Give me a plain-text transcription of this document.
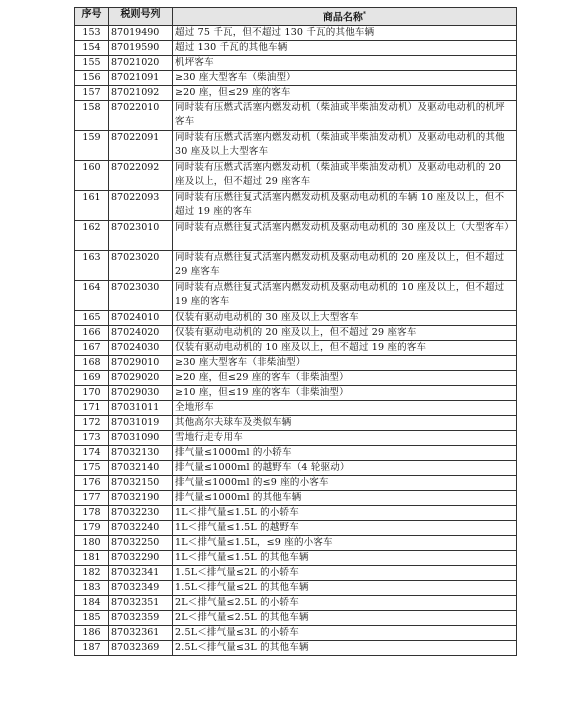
序号	税则号列	商品名称*
153	87019490	超过 75 千瓦，但不超过 130 千瓦的其他车辆
154	87019590	超过 130 千瓦的其他车辆
155	87021020	机坪客车
156	87021091	≥30 座大型客车（柴油型）
157	87021092	≥20 座，但≤29 座的客车
158	87022010	同时装有压燃式活塞内燃发动机（柴油或半柴油发动机）及驱动电动机的机坪客车
159	87022091	同时装有压燃式活塞内燃发动机（柴油或半柴油发动机）及驱动电动机的其他 30 座及以上大型客车
160	87022092	同时装有压燃式活塞内燃发动机（柴油或半柴油发动机）及驱动电动机的 20 座及以上，但不超过 29 座客车
161	87022093	同时装有压燃往复式活塞内燃发动机及驱动电动机的车辆 10 座及以上，但不超过 19 座的客车
162	87023010	同时装有点燃往复式活塞内燃发动机及驱动电动机的 30 座及以上（大型客车）
163	87023020	同时装有点燃往复式活塞内燃发动机及驱动电动机的 20 座及以上，但不超过 29 座客车
164	87023030	同时装有点燃往复式活塞内燃发动机及驱动电动机的 10 座及以上，但不超过 19 座的客车
165	87024010	仅装有驱动电动机的 30 座及以上大型客车
166	87024020	仅装有驱动电动机的 20 座及以上，但不超过 29 座客车
167	87024030	仅装有驱动电动机的 10 座及以上，但不超过 19 座的客车
168	87029010	≥30 座大型客车（非柴油型）
169	87029020	≥20 座，但≤29 座的客车（非柴油型）
170	87029030	≥10 座，但≤19 座的客车（非柴油型）
171	87031011	全地形车
172	87031019	其他高尔夫球车及类似车辆
173	87031090	雪地行走专用车
174	87032130	排气量≤1000ml 的小轿车
175	87032140	排气量≤1000ml 的越野车（4 轮驱动）
176	87032150	排气量≤1000ml 的≤9 座的小客车
177	87032190	排气量≤1000ml 的其他车辆
178	87032230	1L＜排气量≤1.5L 的小轿车
179	87032240	1L＜排气量≤1.5L 的越野车
180	87032250	1L＜排气量≤1.5L，≤9 座的小客车
181	87032290	1L＜排气量≤1.5L 的其他车辆
182	87032341	1.5L＜排气量≤2L 的小轿车
183	87032349	1.5L＜排气量≤2L 的其他车辆
184	87032351	2L＜排气量≤2.5L 的小轿车
185	87032359	2L＜排气量≤2.5L 的其他车辆
186	87032361	2.5L＜排气量≤3L 的小轿车
187	87032369	2.5L＜排气量≤3L 的其他车辆
